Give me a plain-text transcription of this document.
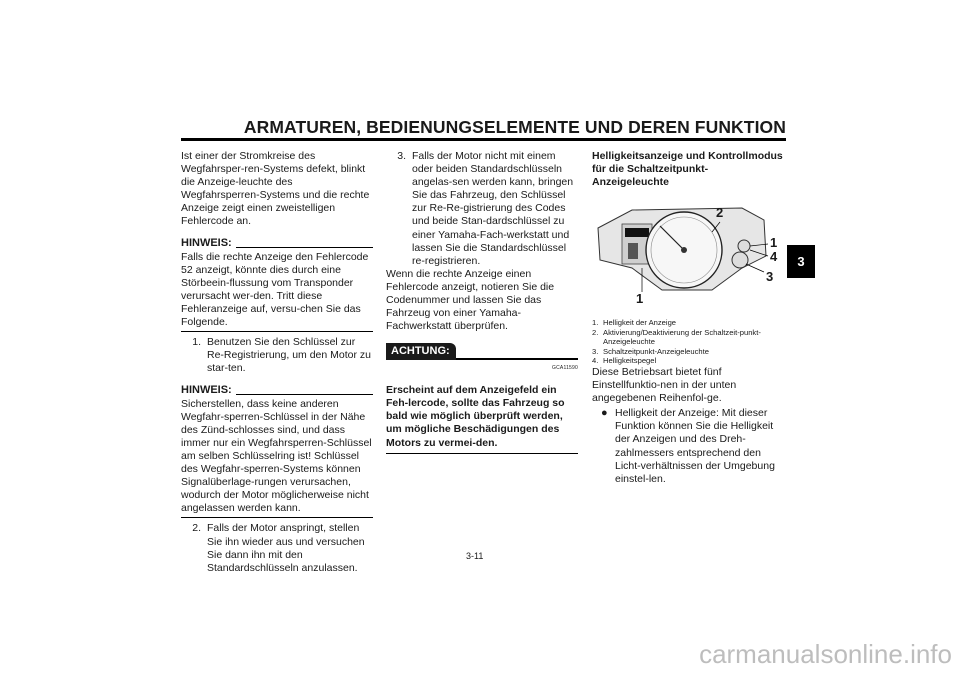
ARMATUREN, BEDIENUNGSELEMENTE UND DEREN FUNKTION
3

Ist einer der Stromkreise des Wegfahrsper-ren-Systems defekt, blinkt die Anzeige-leuchte des Wegfahrsperren-Systems und die rechte Anzeige zeigt einen zweistelligen Fehlercode an.

HINWEIS:

Falls die rechte Anzeige den Fehlercode 52 anzeigt, könnte dies durch eine Störbeein-flussung vom Transponder verursacht wer-den. Tritt diese Fehleranzeige auf, versu-chen Sie das Folgende.

1. Benutzen Sie den Schlüssel zur Re-Registrierung, um den Motor zu star-ten.
HINWEIS:

Sicherstellen, dass keine anderen Wegfahr-sperren-Schlüssel in der Nähe des Zünd-schlosses sind, und dass immer nur ein Wegfahrsperren-Schlüssel am selben Schlüsselring ist! Schlüssel des Wegfahr-sperren-Systems können Signalüberlage-rungen verursachen, wodurch der Motor möglicherweise nicht angelassen werden kann.

2. Falls der Motor anspringt, stellen Sie ihn wieder aus und versuchen Sie dann ihn mit den Standardschlüsseln anzulassen.
3. Falls der Motor nicht mit einem oder beiden Standardschlüsseln angelas-sen werden kann, bringen Sie das Fahrzeug, den Schlüssel zur Re-Re-gistrierung des Codes und beide Stan-dardschlüssel zu einer Yamaha-Fach-werkstatt und lassen Sie die Standardschlüssel re-registrieren.

Wenn die rechte Anzeige einen Fehlercode anzeigt, notieren Sie die Codenummer und lassen Sie das Fahrzeug von einer Yamaha-Fachwerkstatt überprüfen.

ACHTUNG:
GCA11590

Erscheint auf dem Anzeigefeld ein Feh-lercode, sollte das Fahrzeug so bald wie möglich überprüft werden, um mögliche Beschädigungen des Motors zu vermei-den.

Helligkeitsanzeige und Kontrollmodus für die Schaltzeitpunkt-Anzeigeleuchte

1
2
1
4
3
1. Helligkeit der Anzeige
2. Aktivierung/Deaktivierung der Schaltzeit-punkt-Anzeigeleuchte
3. Schaltzeitpunkt-Anzeigeleuchte
4. Helligkeitspegel

Diese Betriebsart bietet fünf Einstellfunktio-nen in der unten angegebenen Reihenfol-ge.

● Helligkeit der Anzeige: Mit dieser Funktion können Sie die Helligkeit der Anzeigen und des Dreh-zahlmessers entsprechend den Licht-verhältnissen der Umgebung einstel-len.
3-11
carmanualsonline.info
